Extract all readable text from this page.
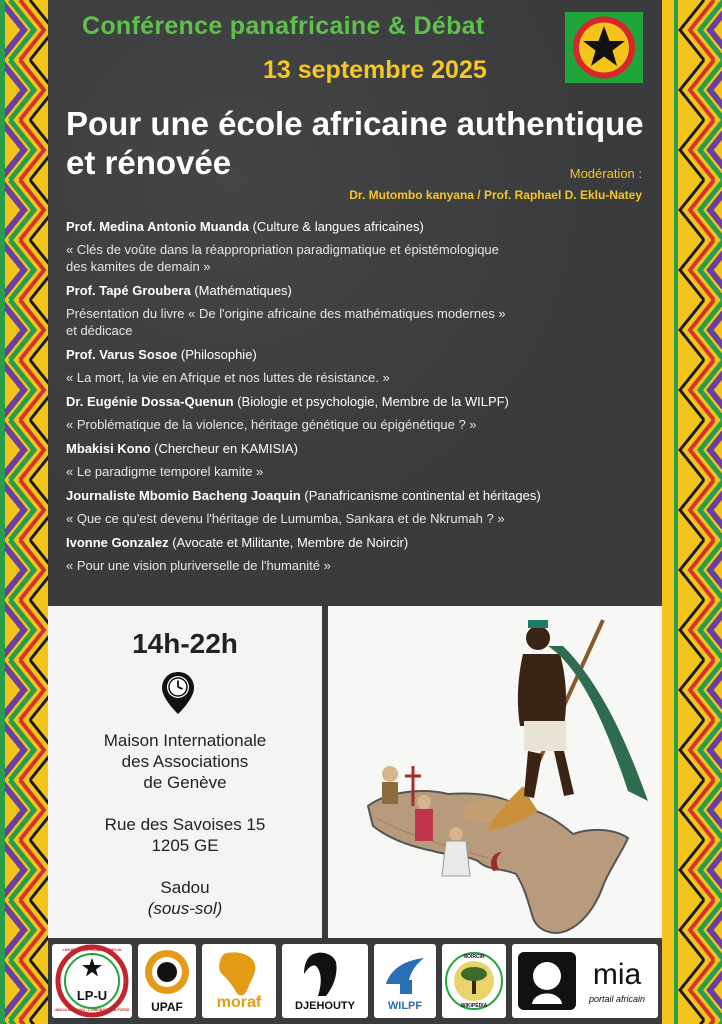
Conférence panafricaine & Débat
13 septembre 2025
Pour une école africaine authentique
et rénovée	Modération :
Dr. Mutombo kanyana / Prof. Raphael D. Eklu-Natey
Prof. Medina Antonio Muanda (Culture & langues africaines)
« Clés de voûte dans la réappropriation paradigmatique et épistémologique
des kamites de demain »
Prof. Tapé Groubera (Mathématiques)
Présentation du livre « De l'origine africaine des mathématiques modernes »
et dédicace
Prof. Varus Sosoe (Philosophie)
« La mort, la vie en Afrique et nos luttes de résistance. »
Dr. Eugénie Dossa-Quenun (Biologie et psychologie, Membre de la WILPF)
« Problématique de la violence, héritage génétique ou épigénétique ? »
Mbakisi Kono (Chercheur en KAMISIA)
« Le paradigme temporel kamite »
Journaliste Mbomio Bacheng Joaquin (Panafricanisme continental et héritages)
« Que ce qu'est devenu l'héritage de Lumumba, Sankara et de Nkrumah ? »
Ivonne Gonzalez (Avocate et Militante, Membre de Noircir)
« Pour une vision pluriverselle de l'humanité »
14h-22h
Maison Internationale
des Associations
de Genève
Rue des Savoises 15
1205 GE
Sadou
(sous-sol)
LP-U
LIGUE PANAFRICAINE-UMOJA
UMOJA NI NGUVU - L'UNION FAIT LA FORCE	UPAF	moraf	DJEHOUTY	WILPF
NOIRCIR
WIKIPÉDIA
mia
portail africain
